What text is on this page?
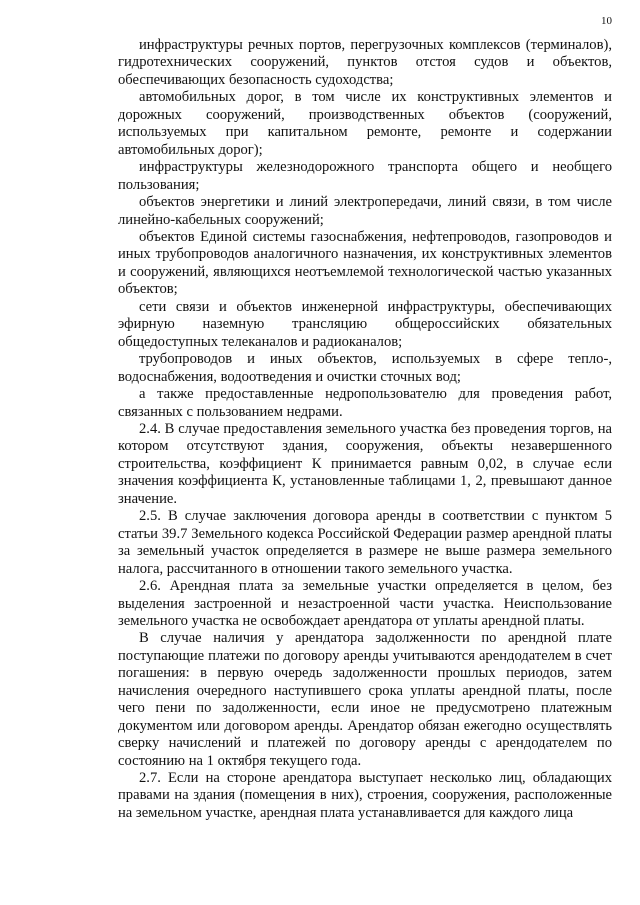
10

инфраструктуры речных портов, перегрузочных комплексов (терминалов), гидротехнических сооружений, пунктов отстоя судов и объектов, обеспечивающих безопасность судоходства;

автомобильных дорог, в том числе их конструктивных элементов и дорожных сооружений, производственных объектов (сооружений, используемых при капитальном ремонте, ремонте и содержании автомобильных дорог);

инфраструктуры железнодорожного транспорта общего и необщего пользования;

объектов энергетики и линий электропередачи, линий связи, в том числе линейно-кабельных сооружений;

объектов Единой системы газоснабжения, нефтепроводов, газопроводов и иных трубопроводов аналогичного назначения, их конструктивных элементов и сооружений, являющихся неотъемлемой технологической частью указанных объектов;

сети связи и объектов инженерной инфраструктуры, обеспечивающих эфирную наземную трансляцию общероссийских обязательных общедоступных телеканалов и радиоканалов;

трубопроводов и иных объектов, используемых в сфере тепло-, водоснабжения, водоотведения и очистки сточных вод;

а также предоставленные недропользователю для проведения работ, связанных с пользованием недрами.

2.4. В случае предоставления земельного участка без проведения торгов, на котором отсутствуют здания, сооружения, объекты незавершенного строительства, коэффициент К принимается равным 0,02, в случае если значения коэффициента К, установленные таблицами 1, 2, превышают данное значение.

2.5. В случае заключения договора аренды в соответствии с пунктом 5 статьи 39.7 Земельного кодекса Российской Федерации размер арендной платы за земельный участок определяется в размере не выше размера земельного налога, рассчитанного в отношении такого земельного участка.

2.6. Арендная плата за земельные участки определяется в целом, без выделения застроенной и незастроенной части участка. Неиспользование земельного участка не освобождает арендатора от уплаты арендной платы.

В случае наличия у арендатора задолженности по арендной плате поступающие платежи по договору аренды учитываются арендодателем в счет погашения: в первую очередь задолженности прошлых периодов, затем начисления очередного наступившего срока уплаты арендной платы, после чего пени по задолженности, если иное не предусмотрено платежным документом или договором аренды. Арендатор обязан ежегодно осуществлять сверку начислений и платежей по договору аренды с арендодателем по состоянию на 1 октября текущего года.

2.7. Если на стороне арендатора выступает несколько лиц, обладающих правами на здания (помещения в них), строения, сооружения, расположенные на земельном участке, арендная плата устанавливается для каждого лица
